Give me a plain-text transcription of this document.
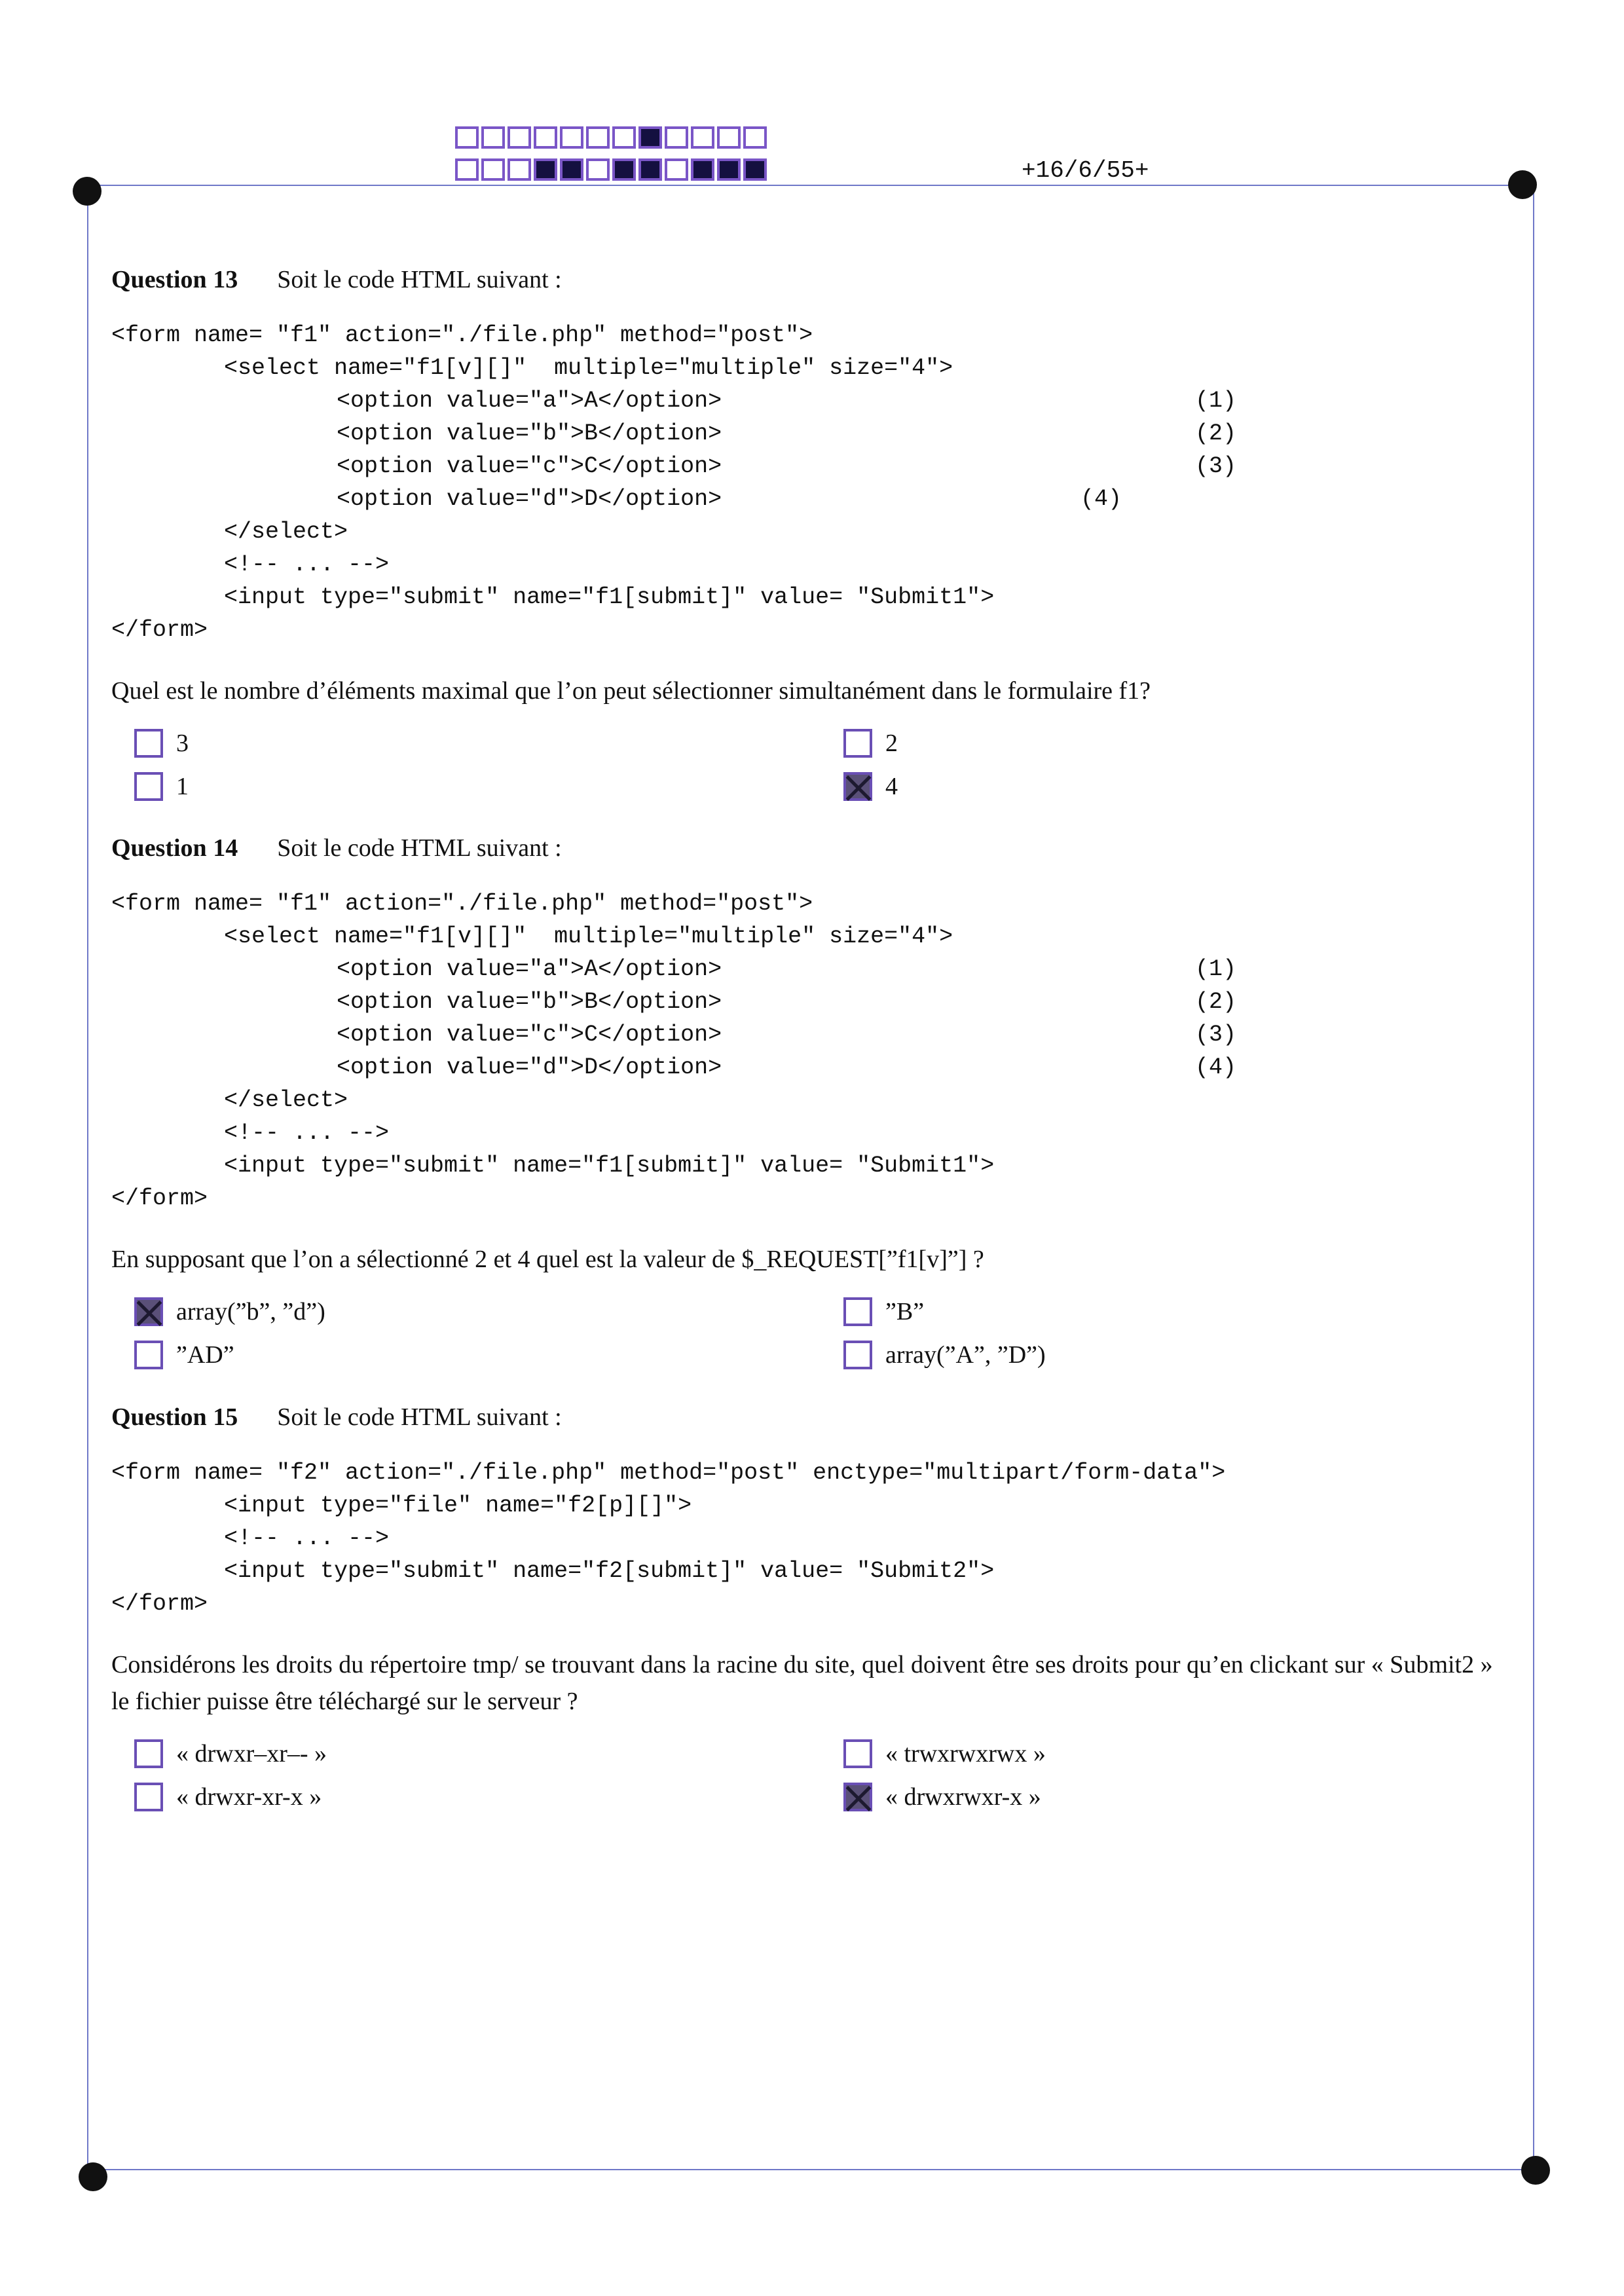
+16/6/55+
Question 13 Soit le code HTML suivant :
<form name= "f1" action="./file.php" method="post">
<select name="f1[v][]"  multiple="multiple" size="4">
<option value="a">A</option>	(1)
<option value="b">B</option>	(2)
<option value="c">C</option>	(3)
<option value="d">D</option>	(4)
</select>
<!-- ... -->
<input type="submit" name="f1[submit]" value= "Submit1">
</form>
Quel est le nombre d’éléments maximal que l’on peut sélectionner simultanément dans le formulaire f1?
3
1
2
4
Question 14 Soit le code HTML suivant :
<form name= "f1" action="./file.php" method="post">
<select name="f1[v][]"  multiple="multiple" size="4">
<option value="a">A</option>	(1)
<option value="b">B</option>	(2)
<option value="c">C</option>	(3)
<option value="d">D</option>	(4)
</select>
<!-- ... -->
<input type="submit" name="f1[submit]" value= "Submit1">
</form>
En supposant que l’on a sélectionné 2 et 4 quel est la valeur de $_REQUEST[”f1[v]”] ?
array(”b”, ”d”)
”AD”
”B”
array(”A”, ”D”)
Question 15 Soit le code HTML suivant :
<form name= "f2" action="./file.php" method="post" enctype="multipart/form-data">
<input type="file" name="f2[p][]">
<!-- ... -->
<input type="submit" name="f2[submit]" value= "Submit2">
</form>
Considérons les droits du répertoire tmp/ se trouvant dans la racine du site, quel doivent être ses droits pour qu’en clickant sur « Submit2 » le fichier puisse être téléchargé sur le serveur ?
« drwxr–xr–- »
« drwxr-xr-x »
« trwxrwxrwx »
« drwxrwxr-x »
